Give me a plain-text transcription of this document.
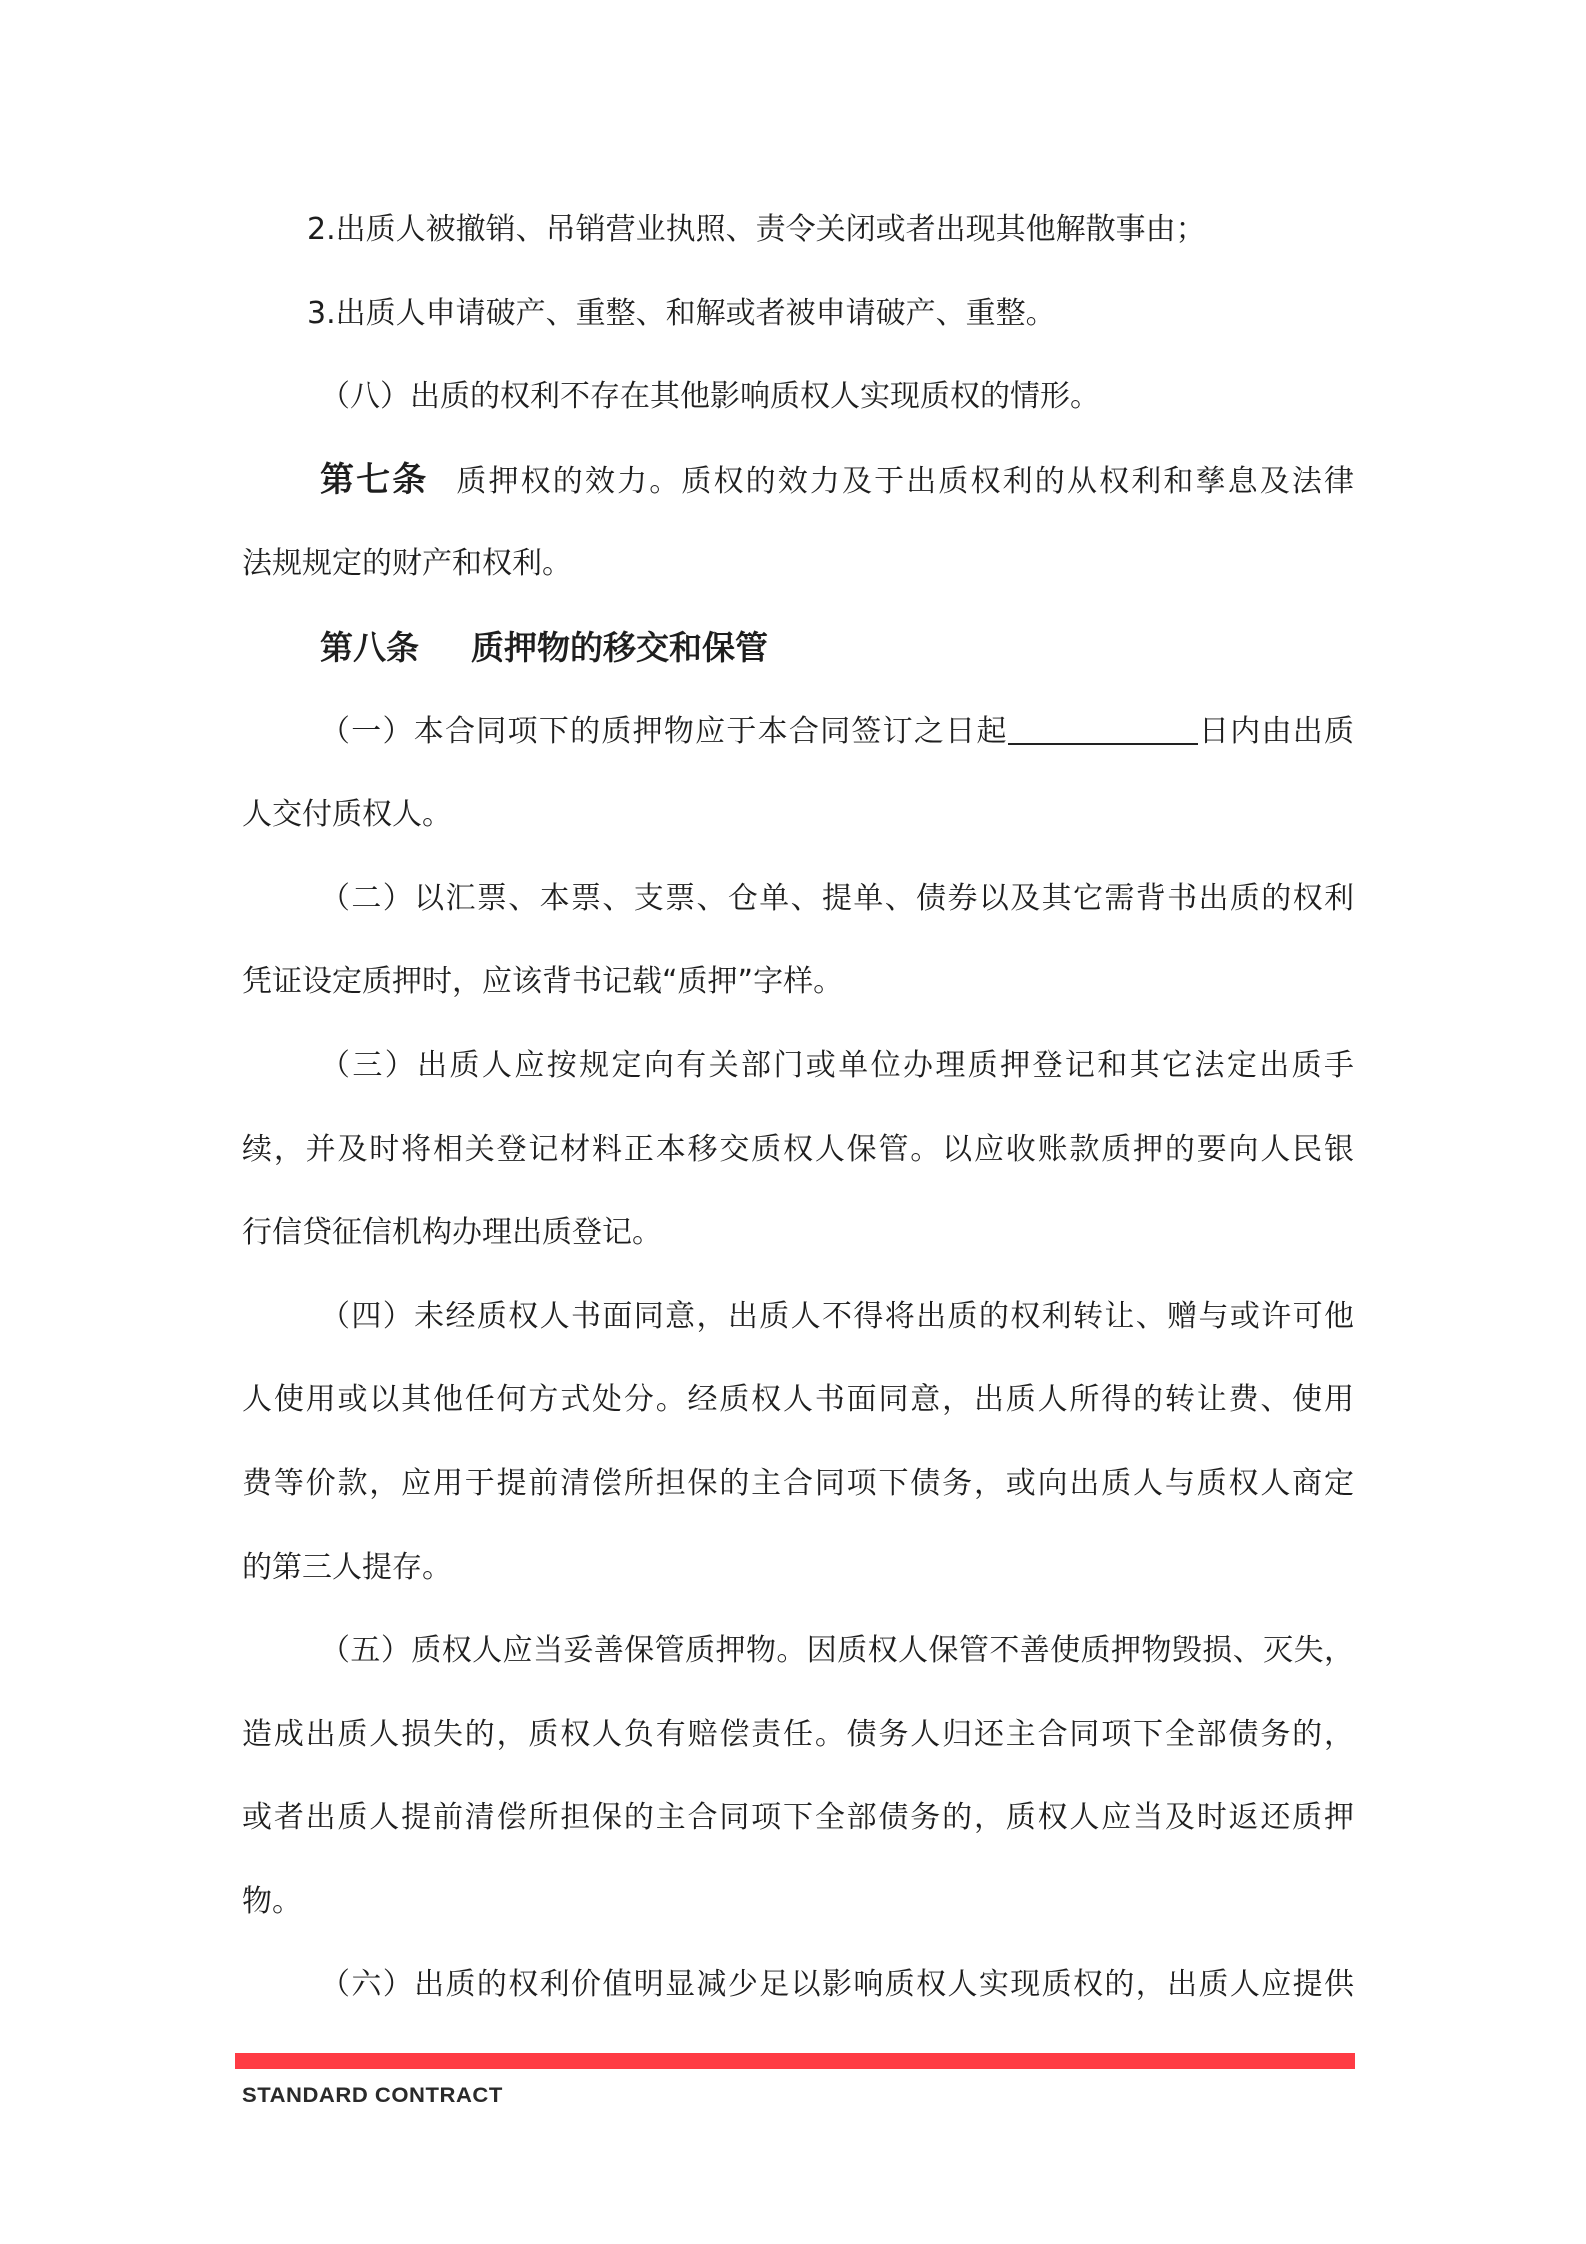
2.出质人被撤销、吊销营业执照、责令关闭或者出现其他解散事由；
3.出质人申请破产、重整、和解或者被申请破产、重整。
（八）出质的权利不存在其他影响质权人实现质权的情形。
第七条 质押权的效力。质权的效力及于出质权利的从权利和孳息及法律
法规规定的财产和权利。
第八条 质押物的移交和保管
（一）本合同项下的质押物应于本合同签订之日起	日内由出质
人交付质权人。
（二）以汇票、本票、支票、仓单、提单、债券以及其它需背书出质的权利
凭证设定质押时，应该背书记载“质押”字样。
（三）出质人应按规定向有关部门或单位办理质押登记和其它法定出质手
续，并及时将相关登记材料正本移交质权人保管。以应收账款质押的要向人民银
行信贷征信机构办理出质登记。
（四）未经质权人书面同意，出质人不得将出质的权利转让、赠与或许可他
人使用或以其他任何方式处分。经质权人书面同意，出质人所得的转让费、使用
费等价款，应用于提前清偿所担保的主合同项下债务，或向出质人与质权人商定
的第三人提存。
（五）质权人应当妥善保管质押物。因质权人保管不善使质押物毁损、灭失，
造成出质人损失的，质权人负有赔偿责任。债务人归还主合同项下全部债务的，
或者出质人提前清偿所担保的主合同项下全部债务的，质权人应当及时返还质押
物。
（六）出质的权利价值明显减少足以影响质权人实现质权的，出质人应提供
STANDARD CONTRACT
